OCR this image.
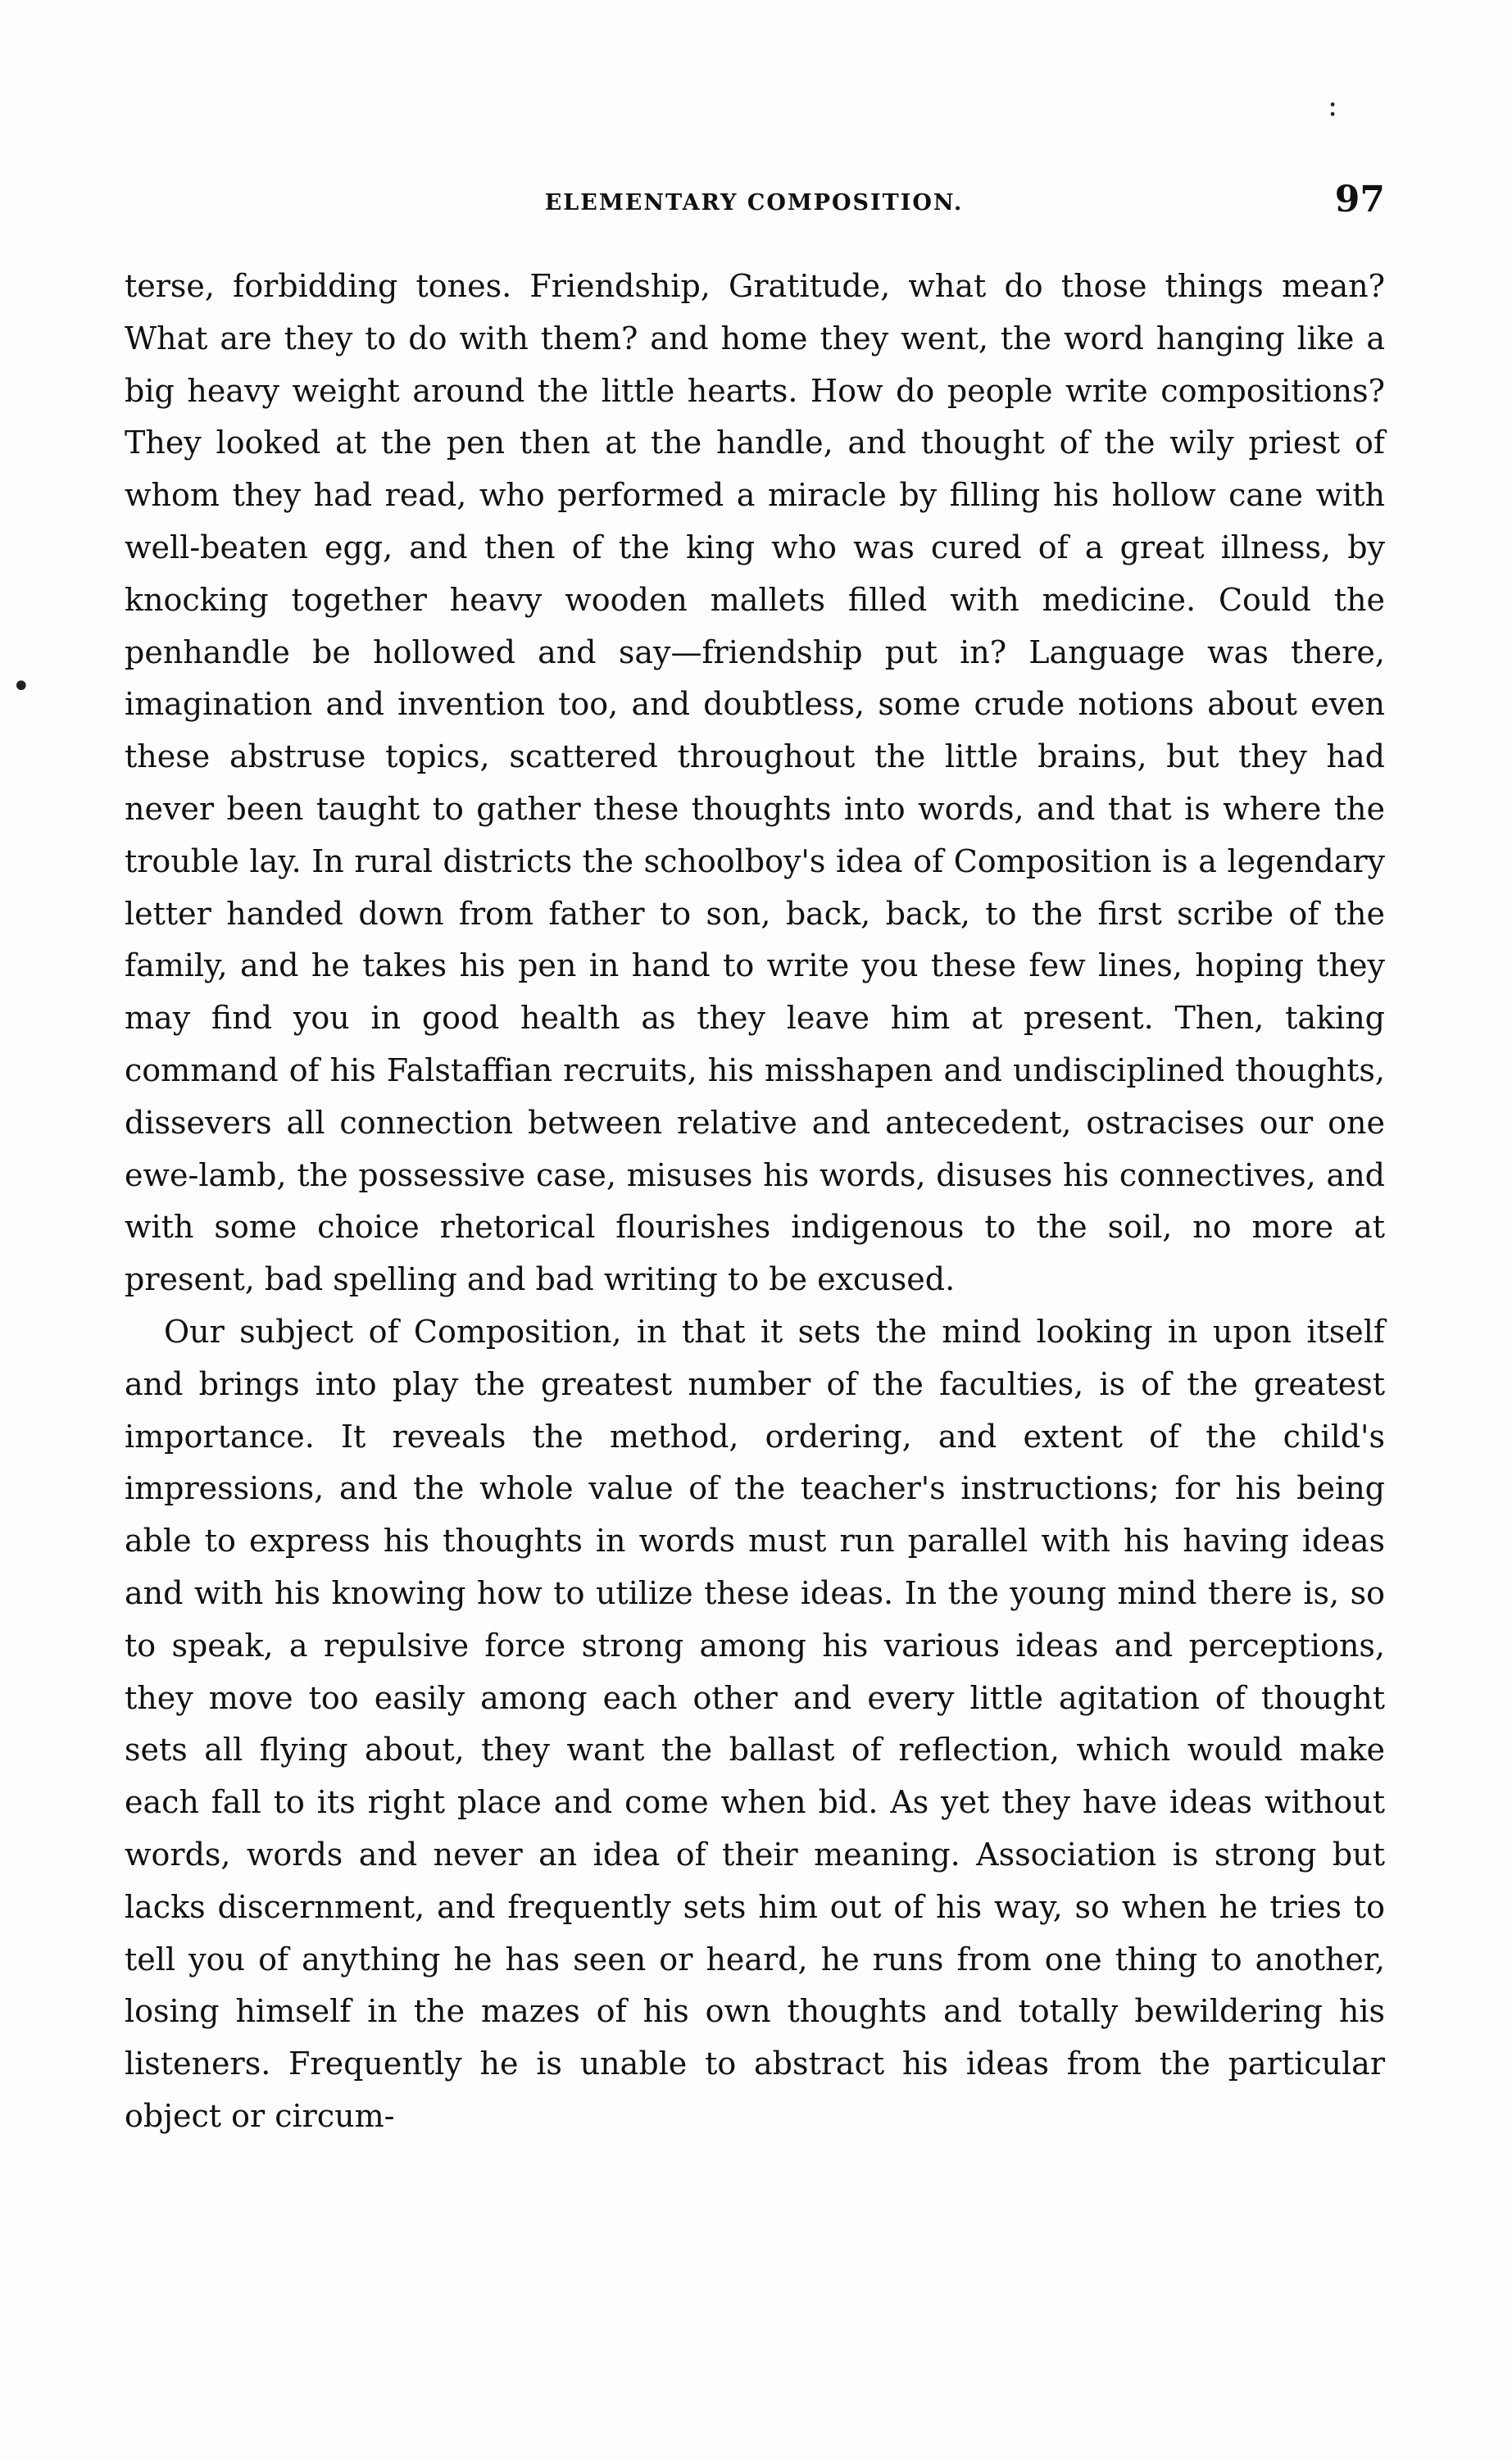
:
•
ELEMENTARY COMPOSITION.	97

terse, forbidding tones. Friendship, Gratitude, what do those things mean? What are they to do with them? and home they went, the word hanging like a big heavy weight around the little hearts. How do people write compositions? They looked at the pen then at the handle, and thought of the wily priest of whom they had read, who performed a miracle by filling his hollow cane with well-beaten egg, and then of the king who was cured of a great illness, by knocking together heavy wooden mallets filled with medicine. Could the penhandle be hollowed and say—friendship put in? Language was there, imagination and invention too, and doubtless, some crude notions about even these abstruse topics, scattered throughout the little brains, but they had never been taught to gather these thoughts into words, and that is where the trouble lay. In rural districts the schoolboy's idea of Composition is a legendary letter handed down from father to son, back, back, to the first scribe of the family, and he takes his pen in hand to write you these few lines, hoping they may find you in good health as they leave him at present. Then, taking command of his Falstaffian recruits, his misshapen and undisciplined thoughts, dissevers all connection between relative and antecedent, ostracises our one ewe-lamb, the possessive case, misuses his words, disuses his connectives, and with some choice rhetorical flourishes indigenous to the soil, no more at present, bad spelling and bad writing to be excused.

Our subject of Composition, in that it sets the mind looking in upon itself and brings into play the greatest number of the faculties, is of the greatest importance. It reveals the method, ordering, and extent of the child's impressions, and the whole value of the teacher's instructions; for his being able to express his thoughts in words must run parallel with his having ideas and with his knowing how to utilize these ideas. In the young mind there is, so to speak, a repulsive force strong among his various ideas and perceptions, they move too easily among each other and every little agitation of thought sets all flying about, they want the ballast of reflection, which would make each fall to its right place and come when bid. As yet they have ideas without words, words and never an idea of their meaning. Association is strong but lacks discernment, and frequently sets him out of his way, so when he tries to tell you of anything he has seen or heard, he runs from one thing to another, losing himself in the mazes of his own thoughts and totally bewildering his listeners. Frequently he is unable to abstract his ideas from the particular object or circum-
